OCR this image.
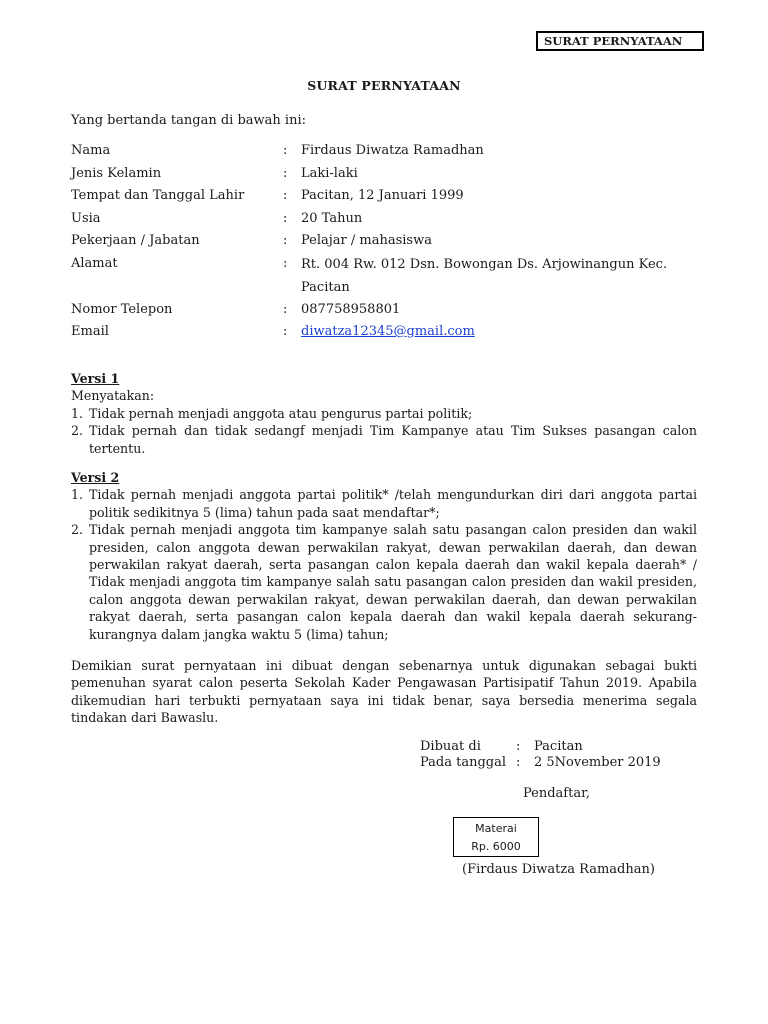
SURAT PERNYATAAN
SURAT PERNYATAAN
Yang bertanda tangan di bawah ini:
Nama	:	Firdaus Diwatza Ramadhan
Jenis Kelamin	:	Laki-laki
Tempat dan Tanggal Lahir	:	Pacitan, 12 Januari 1999
Usia	:	20 Tahun
Pekerjaan / Jabatan	:	Pelajar / mahasiswa
Alamat	:	Rt. 004 Rw. 012 Dsn. Bowongan Ds. Arjowinangun Kec.
Pacitan
Nomor Telepon	:	087758958801
Email	:	diwatza12345@gmail.com
Versi 1
Menyatakan:
1. Tidak pernah menjadi anggota atau pengurus partai politik;
2. Tidak pernah dan tidak sedangf menjadi Tim Kampanye atau Tim Sukses pasangan calon tertentu.
Versi 2
1. Tidak pernah menjadi anggota partai politik* /telah mengundurkan diri dari anggota partai politik sedikitnya 5 (lima) tahun pada saat mendaftar*;
2. Tidak pernah menjadi anggota tim kampanye salah satu pasangan calon presiden dan wakil presiden, calon anggota dewan perwakilan rakyat, dewan perwakilan daerah, dan dewan perwakilan rakyat daerah, serta pasangan calon kepala daerah dan wakil kepala daerah* / Tidak menjadi anggota tim kampanye salah satu pasangan calon presiden dan wakil presiden, calon anggota dewan perwakilan rakyat, dewan perwakilan daerah, dan dewan perwakilan rakyat daerah, serta pasangan calon kepala daerah dan wakil kepala daerah sekurang-kurangnya dalam jangka waktu 5 (lima) tahun;
Demikian surat pernyataan ini dibuat dengan sebenarnya untuk digunakan sebagai bukti pemenuhan syarat calon peserta Sekolah Kader Pengawasan Partisipatif Tahun 2019. Apabila dikemudian hari terbukti pernyataan saya ini tidak benar, saya bersedia menerima segala tindakan dari Bawaslu.
Dibuat di	:	Pacitan
Pada tanggal :	2 5November 2019
Pendaftar,
Materai
Rp. 6000
(Firdaus Diwatza Ramadhan)
